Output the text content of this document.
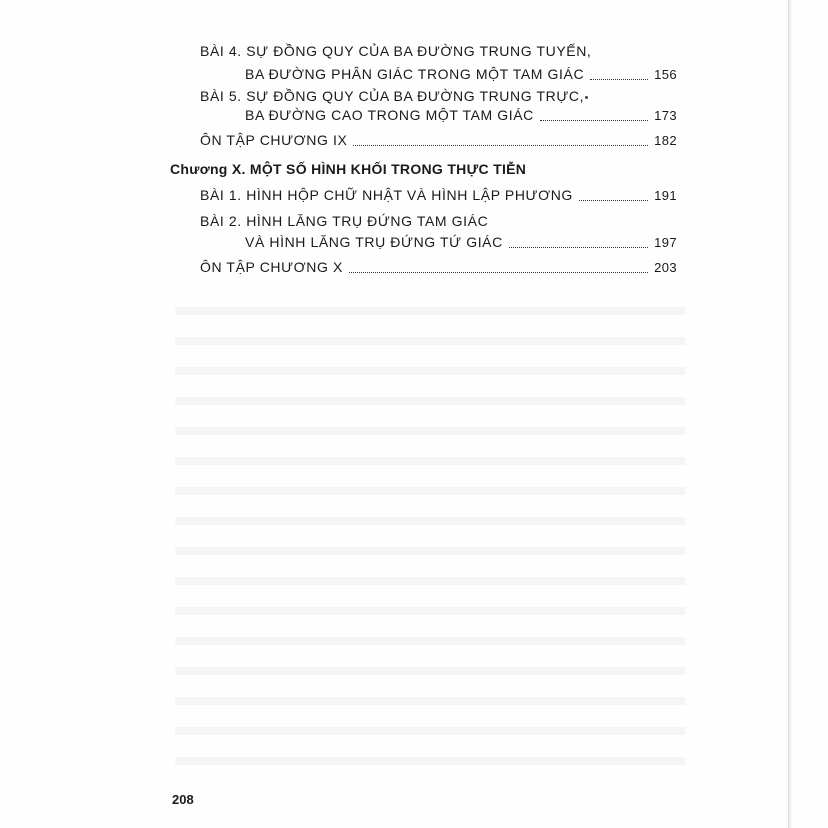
BÀI 4. SỰ ĐỒNG QUY CỦA BA ĐƯỜNG TRUNG TUYẾN,
BA ĐƯỜNG PHÂN GIÁC TRONG MỘT TAM GIÁC	156
BÀI 5. SỰ ĐỒNG QUY CỦA BA ĐƯỜNG TRUNG TRỰC,
BA ĐƯỜNG CAO TRONG MỘT TAM GIÁC	173
ÔN TẬP CHƯƠNG IX	182
Chương X. MỘT SỐ HÌNH KHỐI TRONG THỰC TIỄN
BÀI 1. HÌNH HỘP CHỮ NHẬT VÀ HÌNH LẬP PHƯƠNG	191
BÀI 2. HÌNH LĂNG TRỤ ĐỨNG TAM GIÁC
VÀ HÌNH LĂNG TRỤ ĐỨNG TỨ GIÁC	197
ÔN TẬP CHƯƠNG X	203
208
